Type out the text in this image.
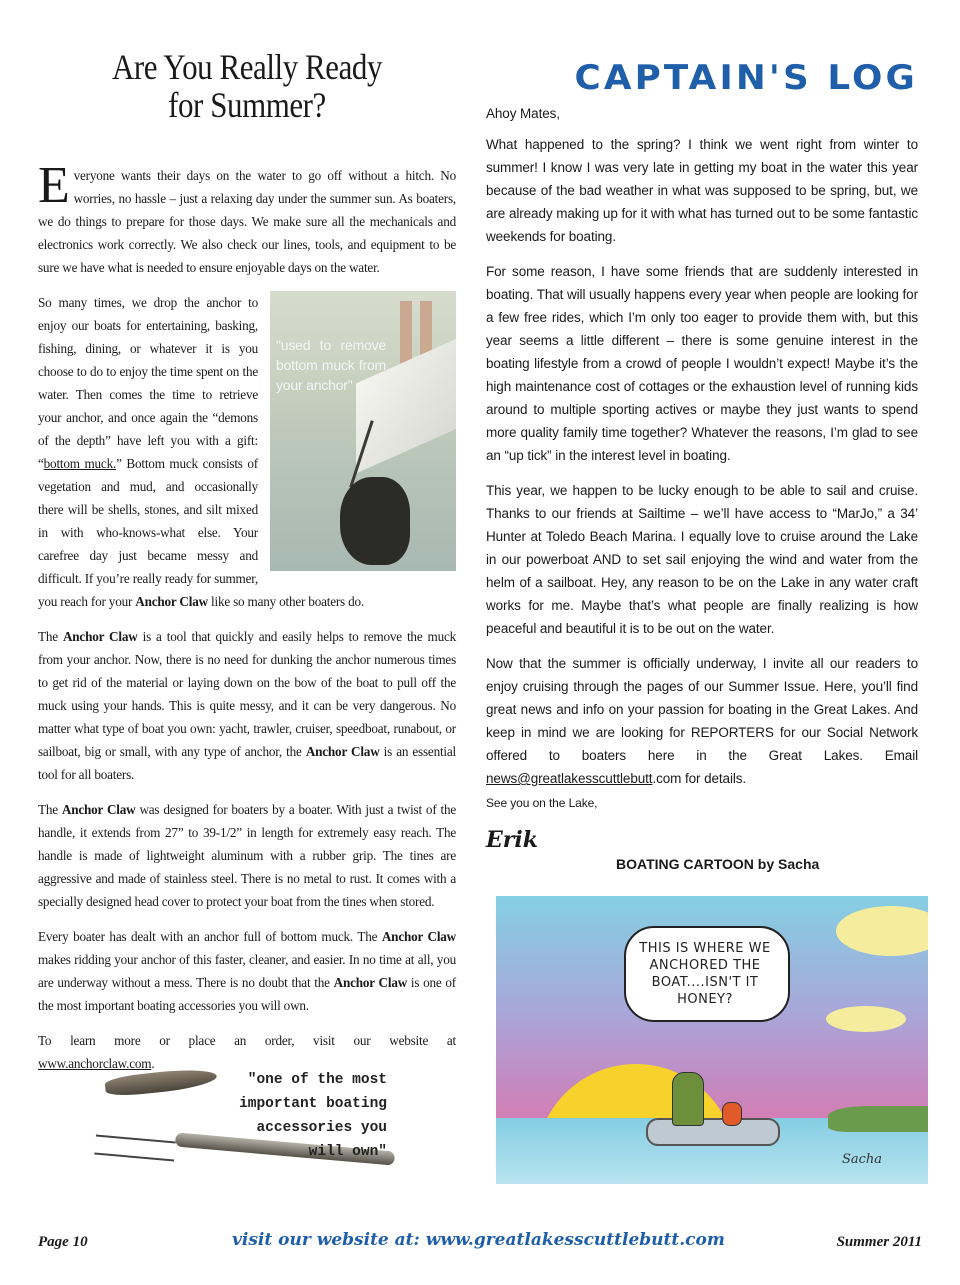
Are You Really Ready
for Summer?

Everyone wants their days on the water to go off without a hitch. No worries, no hassle – just a relaxing day under the summer sun. As boaters, we do things to prepare for those days. We make sure all the mechanicals and electronics work correctly. We also check our lines, tools, and equipment to be sure we have what is needed to ensure enjoyable days on the water.

"used to remove bottom muck from your anchor"
So many times, we drop the anchor to enjoy our boats for entertaining, basking, fishing, dining, or whatever it is you choose to do to enjoy the time spent on the water. Then comes the time to retrieve your anchor, and once again the “demons of the depth” have left you with a gift: “bottom muck.” Bottom muck consists of vegetation and mud, and occasionally there will be shells, stones, and silt mixed in with who-knows-what else. Your carefree day just became messy and difficult. If you’re really ready for summer, you reach for your Anchor Claw like so many other boaters do.

The Anchor Claw is a tool that quickly and easily helps to remove the muck from your anchor. Now, there is no need for dunking the anchor numerous times to get rid of the material or laying down on the bow of the boat to pull off the muck using your hands. This is quite messy, and it can be very dangerous. No matter what type of boat you own: yacht, trawler, cruiser, speedboat, runabout, or sailboat, big or small, with any type of anchor, the Anchor Claw is an essential tool for all boaters.

The Anchor Claw was designed for boaters by a boater. With just a twist of the handle, it extends from 27” to 39-1/2” in length for extremely easy reach. The handle is made of lightweight aluminum with a rubber grip. The tines are aggressive and made of stainless steel. There is no metal to rust. It comes with a specially designed head cover to protect your boat from the tines when stored.

Every boater has dealt with an anchor full of bottom muck. The Anchor Claw makes ridding your anchor of this faster, cleaner, and easier. In no time at all, you are underway without a mess. There is no doubt that the Anchor Claw is one of the most important boating accessories you will own.

To learn more or place an order, visit our website at

www.anchorclaw.com.

"one of the most important boating accessories you will own"
CAPTAIN'S LOG

Ahoy Mates,

What happened to the spring? I think we went right from winter to summer! I know I was very late in getting my boat in the water this year because of the bad weather in what was supposed to be spring, but, we are already making up for it with what has turned out to be some fantastic weekends for boating.

For some reason, I have some friends that are suddenly interested in boating. That will usually happens every year when people are looking for a few free rides, which I’m only too eager to provide them with, but this year seems a little different – there is some genuine interest in the boating lifestyle from a crowd of people I wouldn’t expect! Maybe it’s the high maintenance cost of cottages or the exhaustion level of running kids around to multiple sporting actives or maybe they just wants to spend more quality family time together? Whatever the reasons, I’m glad to see an “up tick” in the interest level in boating.

This year, we happen to be lucky enough to be able to sail and cruise. Thanks to our friends at Sailtime – we’ll have access to “MarJo,” a 34’ Hunter at Toledo Beach Marina. I equally love to cruise around the Lake in our powerboat AND to set sail enjoying the wind and water from the helm of a sailboat. Hey, any reason to be on the Lake in any water craft works for me. Maybe that’s what people are finally realizing is how peaceful and beautiful it is to be out on the water.

Now that the summer is officially underway, I invite all our readers to enjoy cruising through the pages of our Summer Issue. Here, you’ll find great news and info on your passion for boating in the Great Lakes. And keep in mind we are looking for REPORTERS for our Social Network offered to boaters here in the Great Lakes. Email news@greatlakesscuttlebutt.com for details.

See you on the Lake,

Erik
BOATING CARTOON by Sacha
THIS IS WHERE WE ANCHORED THE BOAT....ISN'T IT HONEY?
Sacha
Page 10	visit our website at: www.greatlakesscuttlebutt.com	Summer 2011
